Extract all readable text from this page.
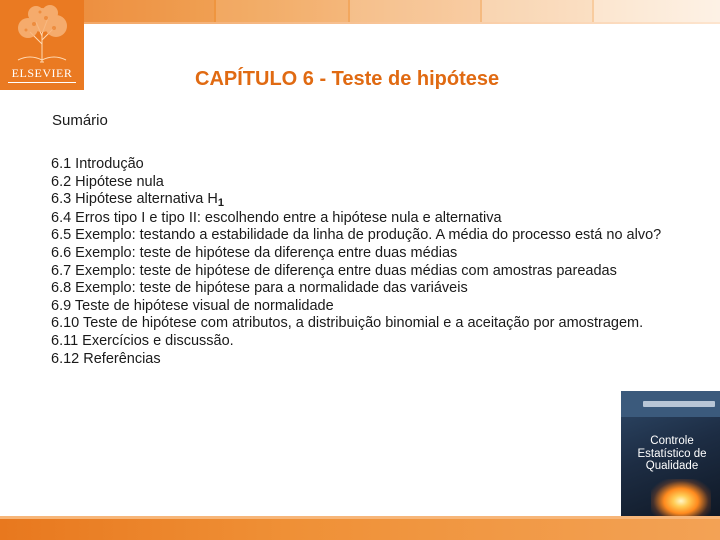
ELSEVIER	CAPÍTULO 6 - Teste de hipótese
Sumário
6.1 Introdução
6.2 Hipótese nula
6.3 Hipótese alternativa $H_1$
6.4 Erros tipo I e tipo II: escolhendo entre a hipótese nula e alternativa
6.5 Exemplo: testando a estabilidade da linha de produção. A média do processo está no alvo?
6.6 Exemplo: teste de hipótese da diferença entre duas médias
6.7 Exemplo: teste de hipótese de diferença entre duas médias com amostras pareadas
6.8 Exemplo: teste de hipótese para a normalidade das variáveis
6.9 Teste de hipótese visual de normalidade
6.10 Teste de hipótese com atributos, a distribuição binomial e a aceitação por amostragem.
6.11 Exercícios e discussão.
6.12 Referências
Controle
Estatístico de
Qualidade
